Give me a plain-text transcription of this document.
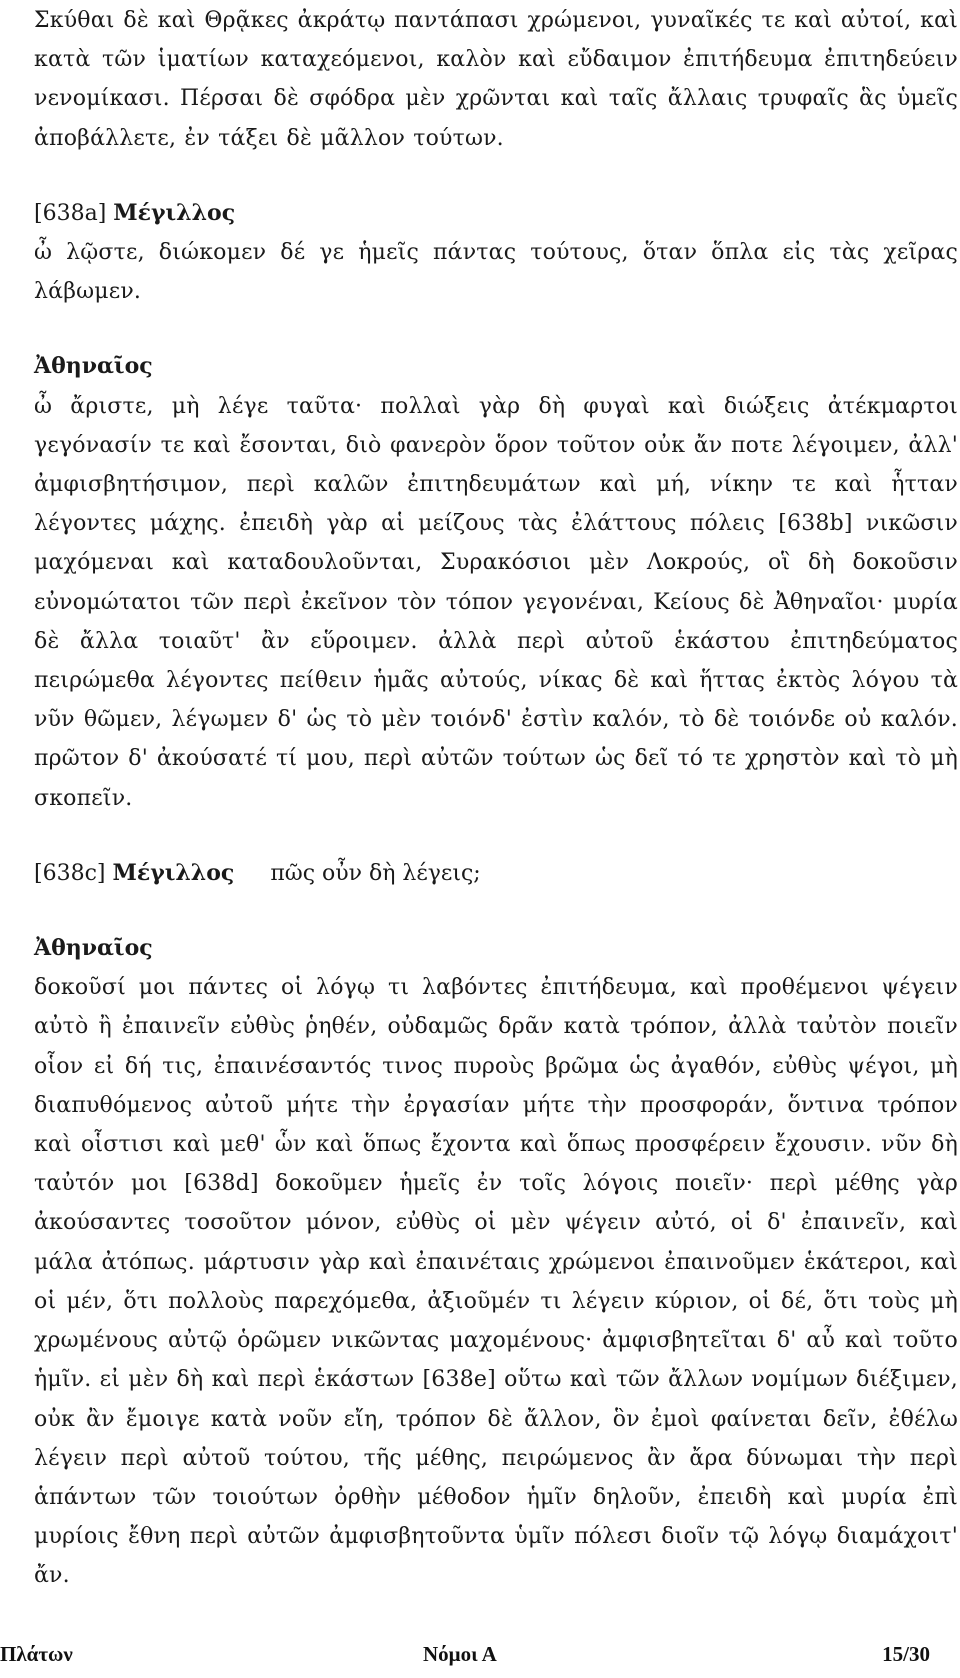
Σκύθαι δὲ καὶ Θρᾷκες ἀκράτῳ παντάπασι χρώμενοι, γυναῖκές τε καὶ αὐτοί, καὶ κατὰ τῶν ἱματίων καταχεόμενοι, καλὸν καὶ εὔδαιμον ἐπιτήδευμα ἐπιτηδεύειν νενομίκασι. Πέρσαι δὲ σφόδρα μὲν χρῶνται καὶ ταῖς ἄλλαις τρυφαῖς ἃς ὑμεῖς ἀποβάλλετε, ἐν τάξει δὲ μᾶλλον τούτων.

[638a] Μέγιλλος

ὦ λῷστε, διώκομεν δέ γε ἡμεῖς πάντας τούτους, ὅταν ὅπλα εἰς τὰς χεῖρας λάβωμεν.

Ἀθηναῖος

ὦ ἄριστε, μὴ λέγε ταῦτα· πολλαὶ γὰρ δὴ φυγαὶ καὶ διώξεις ἀτέκμαρτοι γεγόνασίν τε καὶ ἔσονται, διὸ φανερὸν ὅρον τοῦτον οὐκ ἄν ποτε λέγοιμεν, ἀλλ' ἀμφισβητήσιμον, περὶ καλῶν ἐπιτηδευμάτων καὶ μή, νίκην τε καὶ ἧτταν λέγοντες μάχης. ἐπειδὴ γὰρ αἱ μείζους τὰς ἐλάττους πόλεις [638b] νικῶσιν μαχόμεναι καὶ καταδουλοῦνται, Συρακόσιοι μὲν Λοκρούς, οἳ δὴ δοκοῦσιν εὐνομώτατοι τῶν περὶ ἐκεῖνον τὸν τόπον γεγονέναι, Κείους δὲ Ἀθηναῖοι· μυρία δὲ ἄλλα τοιαῦτ' ἂν εὕροιμεν. ἀλλὰ περὶ αὐτοῦ ἑκάστου ἐπιτηδεύματος πειρώμεθα λέγοντες πείθειν ἡμᾶς αὐτούς, νίκας δὲ καὶ ἥττας ἐκτὸς λόγου τὰ νῦν θῶμεν, λέγωμεν δ' ὡς τὸ μὲν τοιόνδ' ἐστὶν καλόν, τὸ δὲ τοιόνδε οὐ καλόν. πρῶτον δ' ἀκούσατέ τί μου, περὶ αὐτῶν τούτων ὡς δεῖ τό τε χρηστὸν καὶ τὸ μὴ σκοπεῖν.

[638c] Μέγιλλος πῶς οὖν δὴ λέγεις;

Ἀθηναῖος

δοκοῦσί μοι πάντες οἱ λόγῳ τι λαβόντες ἐπιτήδευμα, καὶ προθέμενοι ψέγειν αὐτὸ ἢ ἐπαινεῖν εὐθὺς ῥηθέν, οὐδαμῶς δρᾶν κατὰ τρόπον, ἀλλὰ ταὐτὸν ποιεῖν οἷον εἰ δή τις, ἐπαινέσαντός τινος πυροὺς βρῶμα ὡς ἀγαθόν, εὐθὺς ψέγοι, μὴ διαπυθόμενος αὐτοῦ μήτε τὴν ἐργασίαν μήτε τὴν προσφοράν, ὅντινα τρόπον καὶ οἷστισι καὶ μεθ' ὧν καὶ ὅπως ἔχοντα καὶ ὅπως προσφέρειν ἔχουσιν. νῦν δὴ ταὐτόν μοι [638d] δοκοῦμεν ἡμεῖς ἐν τοῖς λόγοις ποιεῖν· περὶ μέθης γὰρ ἀκούσαντες τοσοῦτον μόνον, εὐθὺς οἱ μὲν ψέγειν αὐτό, οἱ δ' ἐπαινεῖν, καὶ μάλα ἀτόπως. μάρτυσιν γὰρ καὶ ἐπαινέταις χρώμενοι ἐπαινοῦμεν ἑκάτεροι, καὶ οἱ μέν, ὅτι πολλοὺς παρεχόμεθα, ἀξιοῦμέν τι λέγειν κύριον, οἱ δέ, ὅτι τοὺς μὴ χρωμένους αὐτῷ ὁρῶμεν νικῶντας μαχομένους· ἀμφισβητεῖται δ' αὖ καὶ τοῦτο ἡμῖν. εἰ μὲν δὴ καὶ περὶ ἑκάστων [638e] οὕτω καὶ τῶν ἄλλων νομίμων διέξιμεν, οὐκ ἂν ἔμοιγε κατὰ νοῦν εἴη, τρόπον δὲ ἄλλον, ὃν ἐμοὶ φαίνεται δεῖν, ἐθέλω λέγειν περὶ αὐτοῦ τούτου, τῆς μέθης, πειρώμενος ἂν ἄρα δύνωμαι τὴν περὶ ἁπάντων τῶν τοιούτων ὀρθὴν μέθοδον ἡμῖν δηλοῦν, ἐπειδὴ καὶ μυρία ἐπὶ μυρίοις ἔθνη περὶ αὐτῶν ἀμφισβητοῦντα ὑμῖν πόλεσι διοῖν τῷ λόγῳ διαμάχοιτ' ἄν.

Πλάτων	Νόμοι Α	15/30
